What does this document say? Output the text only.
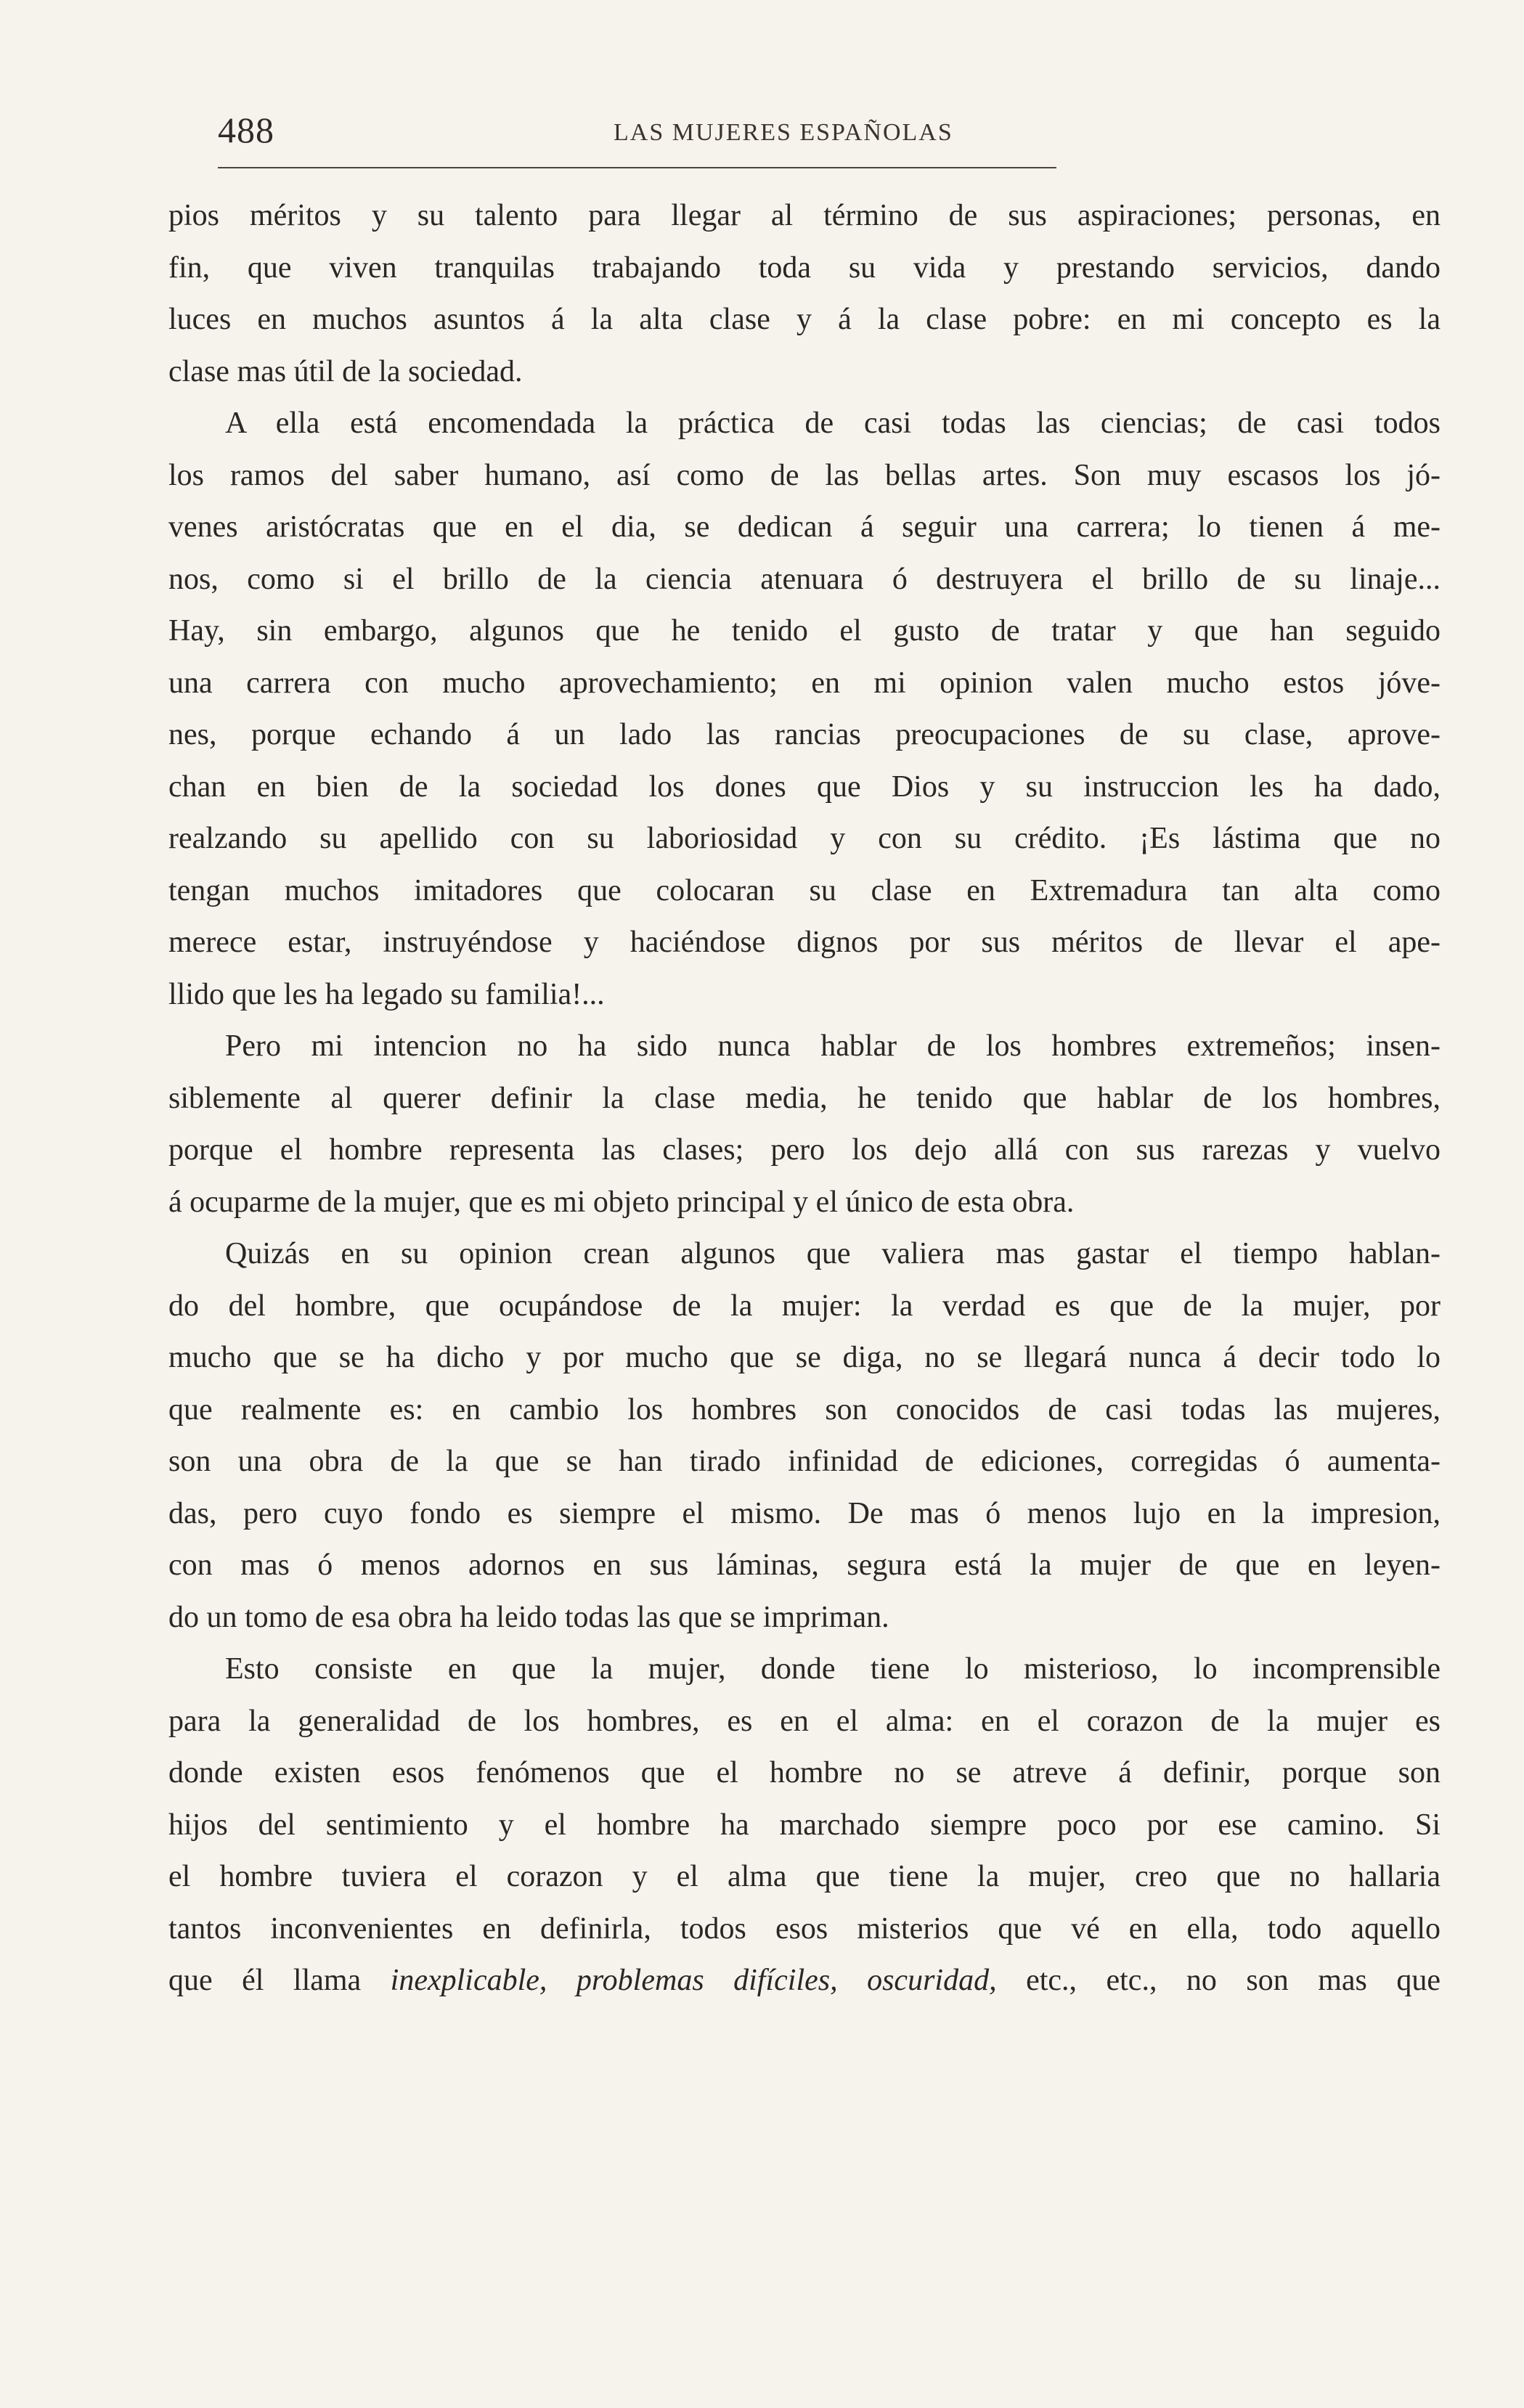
488	LAS MUJERES ESPAÑOLAS
pios méritos y su talento para llegar al término de sus aspiraciones; personas, en
fin, que viven tranquilas trabajando toda su vida y prestando servicios, dando
luces en muchos asuntos á la alta clase y á la clase pobre: en mi concepto es la
clase mas útil de la sociedad.
A ella está encomendada la práctica de casi todas las ciencias; de casi todos
los ramos del saber humano, así como de las bellas artes. Son muy escasos los jó-
venes aristócratas que en el dia, se dedican á seguir una carrera; lo tienen á me-
nos, como si el brillo de la ciencia atenuara ó destruyera el brillo de su linaje...
Hay, sin embargo, algunos que he tenido el gusto de tratar y que han seguido
una carrera con mucho aprovechamiento; en mi opinion valen mucho estos jóve-
nes, porque echando á un lado las rancias preocupaciones de su clase, aprove-
chan en bien de la sociedad los dones que Dios y su instruccion les ha dado,
realzando su apellido con su laboriosidad y con su crédito. ¡Es lástima que no
tengan muchos imitadores que colocaran su clase en Extremadura tan alta como
merece estar, instruyéndose y haciéndose dignos por sus méritos de llevar el ape-
llido que les ha legado su familia!...
Pero mi intencion no ha sido nunca hablar de los hombres extremeños; insen-
siblemente al querer definir la clase media, he tenido que hablar de los hombres,
porque el hombre representa las clases; pero los dejo allá con sus rarezas y vuelvo
á ocuparme de la mujer, que es mi objeto principal y el único de esta obra.
Quizás en su opinion crean algunos que valiera mas gastar el tiempo hablan-
do del hombre, que ocupándose de la mujer: la verdad es que de la mujer, por
mucho que se ha dicho y por mucho que se diga, no se llegará nunca á decir todo lo
que realmente es: en cambio los hombres son conocidos de casi todas las mujeres,
son una obra de la que se han tirado infinidad de ediciones, corregidas ó aumenta-
das, pero cuyo fondo es siempre el mismo. De mas ó menos lujo en la impresion,
con mas ó menos adornos en sus láminas, segura está la mujer de que en leyen-
do un tomo de esa obra ha leido todas las que se impriman.
Esto consiste en que la mujer, donde tiene lo misterioso, lo incomprensible
para la generalidad de los hombres, es en el alma: en el corazon de la mujer es
donde existen esos fenómenos que el hombre no se atreve á definir, porque son
hijos del sentimiento y el hombre ha marchado siempre poco por ese camino. Si
el hombre tuviera el corazon y el alma que tiene la mujer, creo que no hallaria
tantos inconvenientes en definirla, todos esos misterios que vé en ella, todo aquello
que él llama inexplicable, problemas difíciles, oscuridad, etc., etc., no son mas que
